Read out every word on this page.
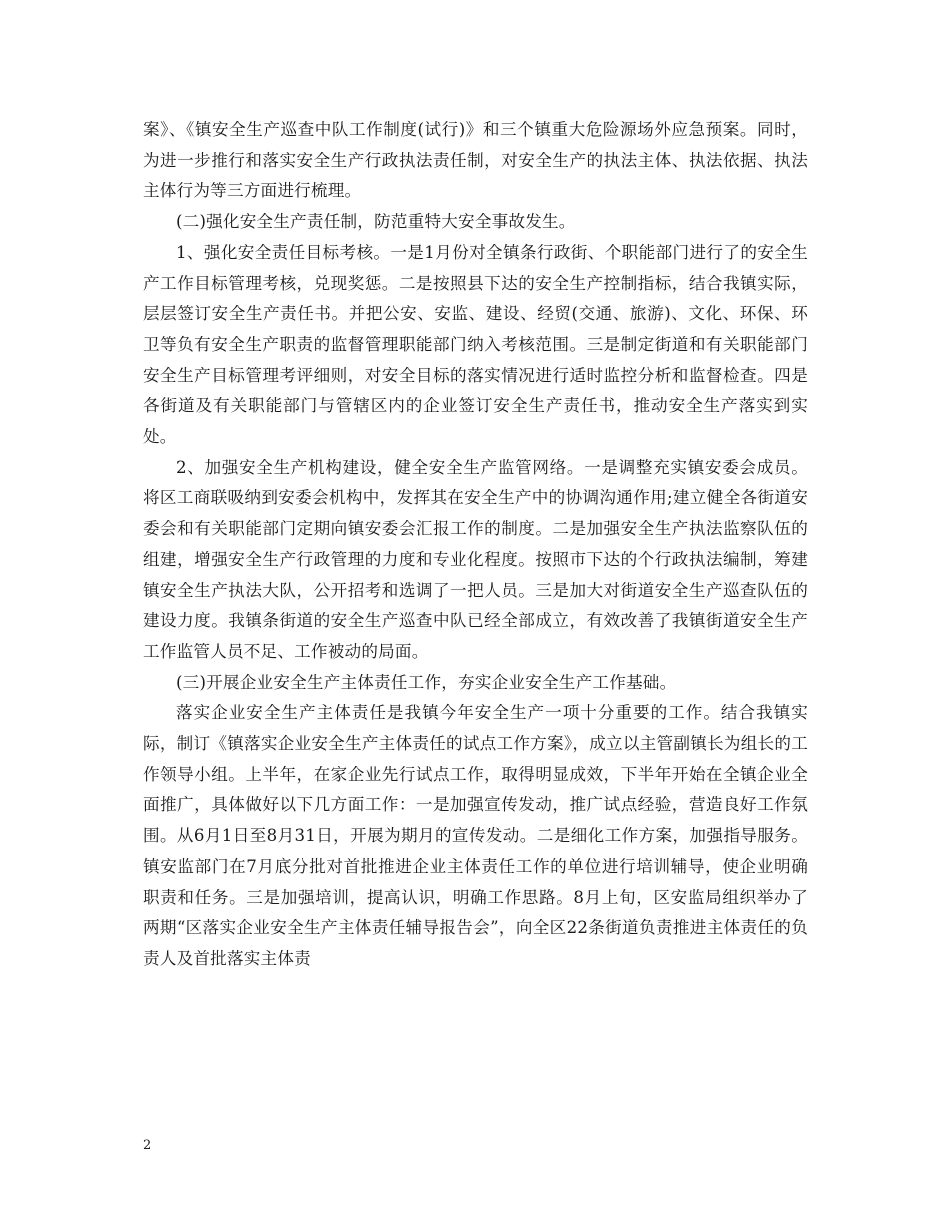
案》、《镇安全生产巡查中队工作制度(试行)》和三个镇重大危险源场外应急预案。同时，为进一步推行和落实安全生产行政执法责任制，对安全生产的执法主体、执法依据、执法主体行为等三方面进行梳理。

(二)强化安全生产责任制，防范重特大安全事故发生。

1、强化安全责任目标考核。一是1月份对全镇条行政街、个职能部门进行了的安全生产工作目标管理考核，兑现奖惩。二是按照县下达的安全生产控制指标，结合我镇实际，层层签订安全生产责任书。并把公安、安监、建设、经贸(交通、旅游)、文化、环保、环卫等负有安全生产职责的监督管理职能部门纳入考核范围。三是制定街道和有关职能部门安全生产目标管理考评细则，对安全目标的落实情况进行适时监控分析和监督检查。四是各街道及有关职能部门与管辖区内的企业签订安全生产责任书，推动安全生产落实到实处。

2、加强安全生产机构建设，健全安全生产监管网络。一是调整充实镇安委会成员。将区工商联吸纳到安委会机构中，发挥其在安全生产中的协调沟通作用;建立健全各街道安委会和有关职能部门定期向镇安委会汇报工作的制度。二是加强安全生产执法监察队伍的组建，增强安全生产行政管理的力度和专业化程度。按照市下达的个行政执法编制，筹建镇安全生产执法大队，公开招考和选调了一把人员。三是加大对街道安全生产巡查队伍的建设力度。我镇条街道的安全生产巡查中队已经全部成立，有效改善了我镇街道安全生产工作监管人员不足、工作被动的局面。

(三)开展企业安全生产主体责任工作，夯实企业安全生产工作基础。

落实企业安全生产主体责任是我镇今年安全生产一项十分重要的工作。结合我镇实际，制订《镇落实企业安全生产主体责任的试点工作方案》，成立以主管副镇长为组长的工作领导小组。上半年，在家企业先行试点工作，取得明显成效，下半年开始在全镇企业全面推广，具体做好以下几方面工作：一是加强宣传发动，推广试点经验，营造良好工作氛围。从6月1日至8月31日，开展为期月的宣传发动。二是细化工作方案，加强指导服务。镇安监部门在7月底分批对首批推进企业主体责任工作的单位进行培训辅导，使企业明确职责和任务。三是加强培训，提高认识，明确工作思路。8月上旬，区安监局组织举办了两期“区落实企业安全生产主体责任辅导报告会”，向全区22条街道负责推进主体责任的负责人及首批落实主体责

2
